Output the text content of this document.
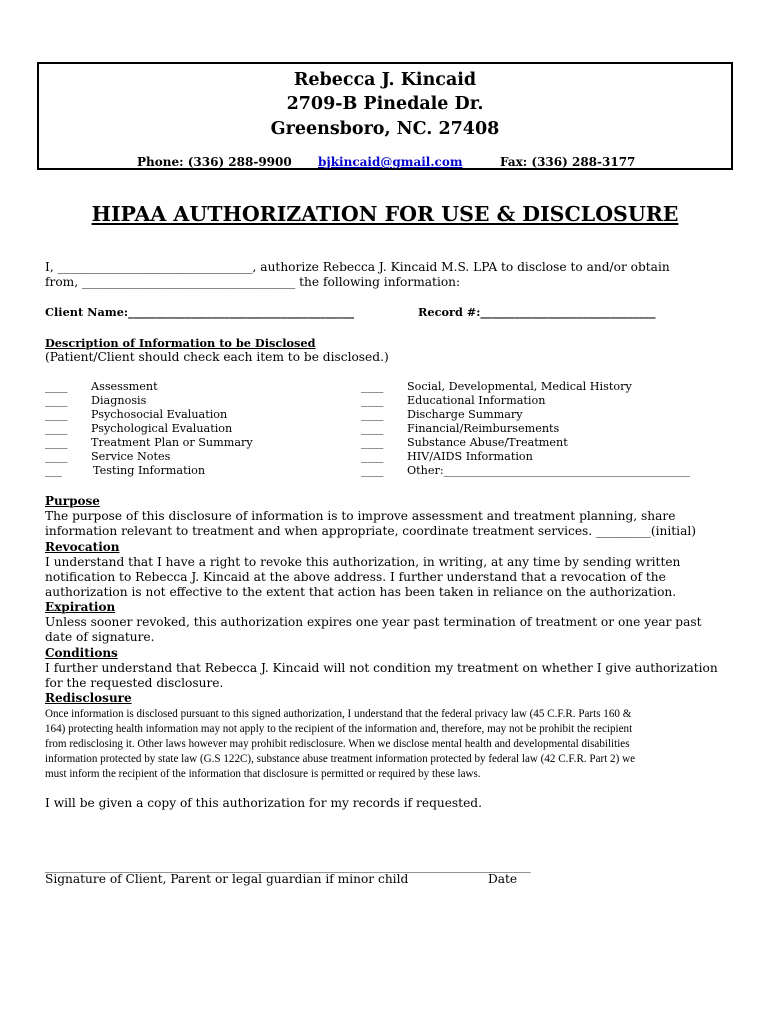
Rebecca J. Kincaid
2709-B Pinedale Dr.
Greensboro, NC. 27408
Phone: (336) 288-9900 bjkincaid@gmail.com	Fax: (336) 288-3177
HIPAA AUTHORIZATION FOR USE & DISCLOSURE
I, ________________________________, authorize Rebecca J. Kincaid M.S. LPA to disclose to and/or obtain
from, ___________________________________ the following information:
Client Name:________________________________________	Record #:_______________________________
Description of Information to be Disclosed
(Patient/Client should check each item to be disclosed.)
____ Assessment
____ Diagnosis
____ Psychosocial Evaluation
____ Psychological Evaluation
____ Treatment Plan or Summary
____ Service Notes
___	Testing Information
____ Social, Developmental, Medical History
____ Educational Information
____ Discharge Summary
____ Financial/Reimbursements
____ Substance Abuse/Treatment
____ HIV/AIDS Information
____ Other:____________________________________________
Purpose
The purpose of this disclosure of information is to improve assessment and treatment planning, share
information relevant to treatment and when appropriate, coordinate treatment services. _________(initial)
Revocation
I understand that I have a right to revoke this authorization, in writing, at any time by sending written
notification to Rebecca J. Kincaid at the above address. I further understand that a revocation of the
authorization is not effective to the extent that action has been taken in reliance on the authorization.
Expiration
Unless sooner revoked, this authorization expires one year past termination of treatment or one year past
date of signature.
Conditions
I further understand that Rebecca J. Kincaid will not condition my treatment on whether I give authorization
for the requested disclosure.
Redisclosure
Once information is disclosed pursuant to this signed authorization, I understand that the federal privacy law (45 C.F.R. Parts 160 &
164) protecting health information may not apply to the recipient of the information and, therefore, may not be prohibit the recipient
from redisclosing it. Other laws however may prohibit redisclosure. When we disclose mental health and developmental disabilities
information protected by state law (G.S 122C), substance abuse treatment information protected by federal law (42 C.F.R. Part 2) we
must inform the recipient of the information that disclosure is permitted or required by these laws.
I will be given a copy of this authorization for my records if requested.
______________________________________________________________________________________
Signature of Client, Parent or legal guardian if minor child	Date
